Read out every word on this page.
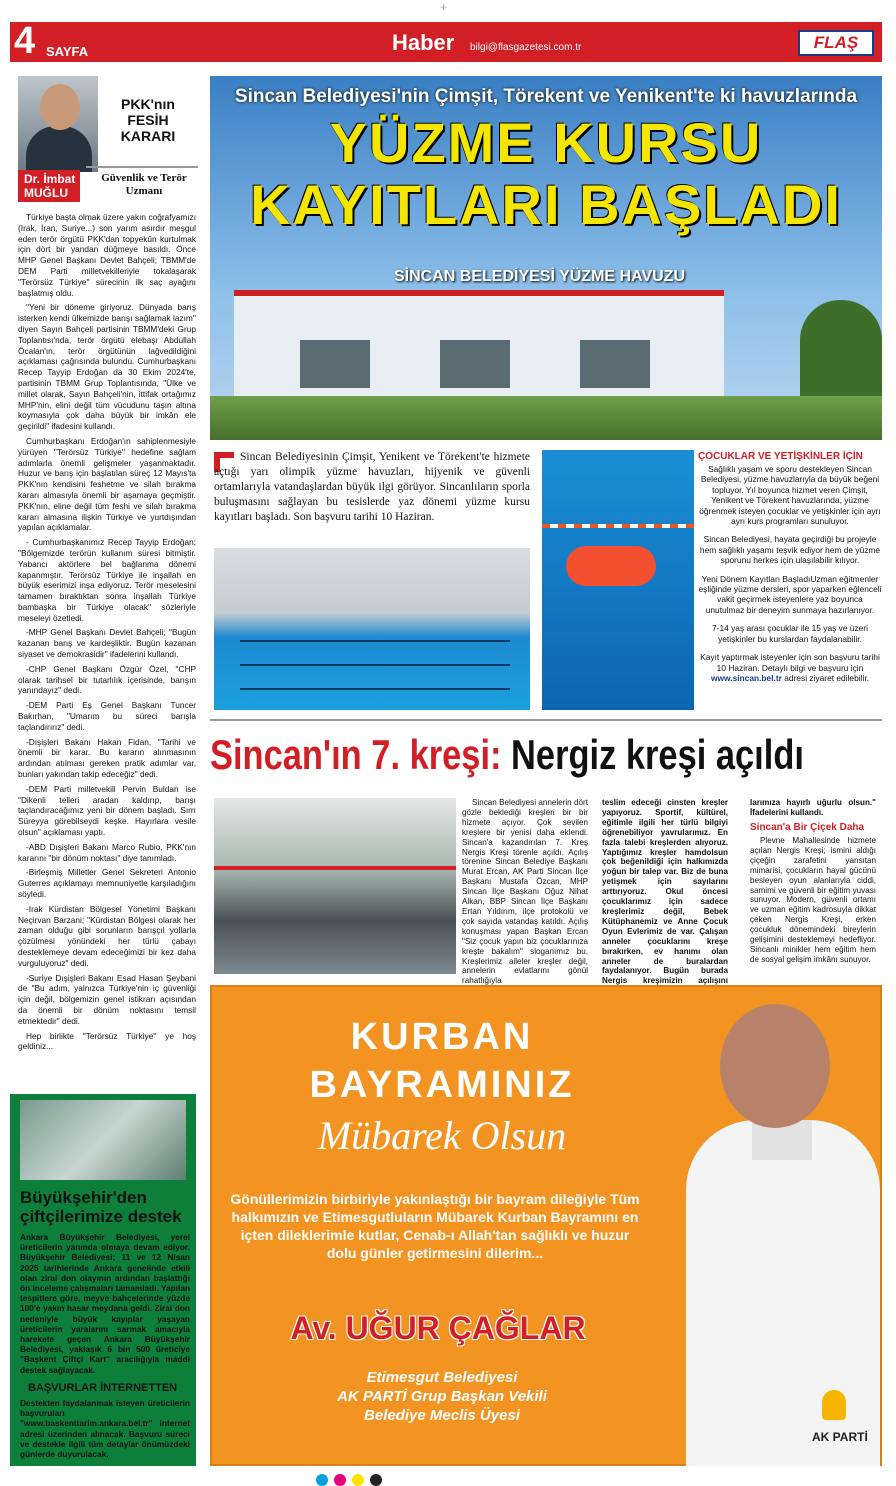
+
4 SAYFA	Haber bilgi@flasgazetesi.com.tr	FLAŞ
PKK'nın FESİH KARARI
Dr. İmbat MUĞLU
Güvenlik ve Terör Uzmanı

Türkiye başta olmak üzere yakın coğrafyamızı (Irak, İran, Suriye...) son yarım asırdır meşgul eden terör örgütü PKK'dan topyekûn kurtulmak için dört bir yandan düğmeye basıldı. Önce MHP Genel Başkanı Devlet Bahçeli; TBMM'de DEM Parti milletvekilleriyle tokalaşarak ''Terörsüz Türkiye'' sürecinin ilk saç ayağını başlatmış oldu.

''Yeni bir döneme giriyoruz. Dünyada barış isterken kendi ülkemizde barışı sağlamak lazım'' diyen Sayın Bahçeli partisinin TBMM'deki Grup Toplantısı'nda, terör örgütü elebaşı Abdullah Öcalan'ın, terör örgütünün lağvedildiğini açıklaması çağrısında bulundu. Cumhurbaşkanı Recep Tayyip Erdoğan da 30 Ekim 2024'te, partisinin TBMM Grup Toplantısında, "Ülke ve millet olarak, Sayın Bahçeli'nin, ittifak ortağımız MHP'nin, elini değil tüm vücudunu taşın altına koymasıyla çok daha büyük bir imkân ele geçirildi" ifadesini kullandı.

Cumhurbaşkanı Erdoğan'ın sahiplenmesiyle yürüyen ''Terörsüz Türkiye'' hedefine sağlam adımlarla önemli gelişmeler yaşanmaktadır. Huzur ve barış için başlatılan süreç 12 Mayıs'ta PKK'nın kendisini feshetme ve silah bırakma kararı almasıyla önemli bir aşamaya geçmiştir. PKK'nın, eline değil tüm feshi ve silah bırakma kararı almasına ilişkin Türkiye ve yurtdışından yapılan açıklamalar.

- Cumhurbaşkanımız Recep Tayyip Erdoğan; "Bölgemizde terörün kullanım süresi bitmiştir. Yabancı aktörlere bel bağlanma dönemi kapanmıştır. Terörsüz Türkiye ile inşallah en büyük eserimizi inşa ediyoruz. Terör meselesini tamamen bıraktıktan sonra inşallah Türkiye bambaşka bir Türkiye olacak" sözleriyle meseleyi özetledi.

-MHP Genel Başkanı Devlet Bahçeli; "Bugün kazanan barış ve kardeşliktir. Bugün kazanan siyaset ve demokrasidir" ifadelerini kullandı.

-CHP Genel Başkanı Özgür Özel, "CHP olarak tarihsel bir tutarlılık içerisinde, barışın yanındayız" dedi.

-DEM Parti Eş Genel Başkanı Tuncer Bakırhan, "Umarım bu süreci barışla taçlandırırız" dedi.

-Dışişleri Bakanı Hakan Fidan, "Tarihi ve önemli bir karar. Bu kararın alınmasının ardından atılması gereken pratik adımlar var, bunları yakından takip edeceğiz" dedi.

-DEM Parti milletvekili Pervin Buldan ise "Dikenli telleri aradan kaldırıp, barışı taçlandıracağımız yeni bir dönem başladı. Sırrı Süreyya görebilseydi keşke. Hayırlara vesile olsun" açıklaması yaptı.

-ABD Dışişleri Bakanı Marco Rubio, PKK'nın kararını "bir dönüm noktası" diye tanımladı.

-Birleşmiş Milletler Genel Sekreteri Antonio Guterres açıklamayı memnuniyetle karşıladığını söyledi.

-Irak Kürdistan Bölgesel Yönetimi Başkanı Neçirvan Barzani; "Kürdistan Bölgesi olarak her zaman olduğu gibi sorunların barışçıl yollarla çözülmesi yönündeki her türlü çabayı desteklemeye devam edeceğimizi bir kez daha vurguluyoruz" dedi.

-Suriye Dışişleri Bakanı Esad Hasan Şeybani de "Bu adım, yalnızca Türkiye'nin iç güvenliği için değil, bölgemizin genel istikrarı açısından da önemli bir dönüm noktasını temsil etmektedir" dedi.

Hep birlikte ''Terörsüz Türkiye'' ye hoş geldiniz...

Büyükşehir'den çiftçilerimize destek
Ankara Büyükşehir Belediyesi, yerel üreticilerin yanında olmaya devam ediyor. Büyükşehir Belediyesi; 11 ve 12 Nisan 2025 tarihlerinde Ankara genelinde etkili olan zirai don olayının ardından başlattığı ön inceleme çalışmaları tamamladı. Yapılan tespitlere göre, meyve bahçelerinde yüzde 100'e yakın hasar meydana geldi. Zirai don nedeniyle büyük kayıplar yaşayan üreticilerin yaralarını sarmak amacıyla harekete geçen Ankara Büyükşehir Belediyesi, yaklaşık 6 bin 500 üreticiye "Başkent Çiftçi Kart" aracılığıyla maddi destek sağlayacak.
BAŞVURLAR İNTERNETTEN
Destekten faydalanmak isteyen üreticilerin başvuruları "www.baskenttarim.ankara.bel.tr" internet adresi üzerinden alınacak. Başvuru süreci ve destekle ilgili tüm detaylar önümüzdeki günlerde duyurulacak.
SİNCAN BELEDİYESİ YÜZME HAVUZU
Sincan Belediyesi'nin Çimşit, Törekent ve Yenikent'te ki havuzlarında
YÜZME KURSU
KAYITLARI BAŞLADI
Sincan Belediyesinin Çimşit, Yenikent ve Törekent'te hizmete açtığı yarı olimpik yüzme havuzları, hijyenik ve güvenli ortamlarıyla vatandaşlardan büyük ilgi görüyor. Sincanlıların sporla buluşmasını sağlayan bu tesislerde yaz dönemi yüzme kursu kayıtları başladı. Son başvuru tarihi 10 Haziran.
ÇOCUKLAR VE YETİŞKİNLER İÇİN

Sağlıklı yaşam ve sporu destekleyen Sincan Belediyesi, yüzme havuzlarıyla da büyük beğeni topluyor. Yıl boyunca hizmet veren Çimşit, Yenikent ve Törekent havuzlarında, yüzme öğrenmek isteyen çocuklar ve yetişkinler için ayrı ayrı kurs programları sunuluyor.

Sincan Belediyesi, hayata geçirdiği bu projeyle hem sağlıklı yaşamı teşvik ediyor hem de yüzme sporunu herkes için ulaşılabilir kılıyor.

Yeni Dönem Kayıtları BaşladıUzman eğitmenler eşliğinde yüzme dersleri, spor yaparken eğlenceli vakit geçirmek isteyenlere yaz boyunca unutulmaz bir deneyim sunmaya hazırlanıyor.

7-14 yaş arası çocuklar ile 15 yaş ve üzeri yetişkinler bu kurslardan faydalanabilir.

Kayıt yaptırmak isteyenler için son başvuru tarihi 10 Haziran. Detaylı bilgi ve başvuru için www.sincan.bel.tr adresi ziyaret edilebilir.

Sincan'ın 7. kreşi: Nergiz kreşi açıldı
Sincan Belediyesi annelerin dört gözle beklediği kreşleri bir bir hizmete açıyor. Çok sevilen kreşlere bir yenisi daha eklendi. Sincan'a kazandırılan 7. Kreş Nergis Kreşi törenle açıldı. Açılış törenine Sincan Belediye Başkanı Murat Ercan, AK Parti Sincan İlçe Başkanı Mustafa Özcan, MHP Sincan İlçe Başkanı Oğuz Nihat Alkan, BBP Sincan İlçe Başkanı Ertan Yıldırım, ilçe protokolü ve çok sayıda vatandaş katıldı. Açılış konuşması yapan Başkan Ercan "Siz çocuk yapın biz çocuklarınıza kreşte bakalım" sloganımız bu. Kreşlerimiz aileler kreşler değil, annelerin evlatlarını gönül rahatlığıyla
teslim edeceği cinsten kreşler yapıyoruz. Sportif, kültürel, eğitimle ilgili her türlü bilgiyi öğrenebiliyor yavrularımız. En fazla talebi kreşlerden alıyoruz. Yaptığımız kreşler hamdolsun çok beğenildiği için halkımızda yoğun bir talep var. Biz de buna yetişmek için sayılarını arttırıyoruz. Okul öncesi çocuklarımız için sadece kreşlerimiz değil, Bebek Kütüphanemiz ve Anne Çocuk Oyun Evlerimiz de var. Çalışan anneler çocuklarını kreşe bırakırken, ev hanımı olan anneler de buralardan faydalanıyor. Bugün burada Nergis kreşimizin açılışını
larımıza hayırlı uğurlu olsun." İfadelerini kullandı.
Sincan'a Bir Çiçek Daha
Plevne Mahallesinde hizmete açılan Nergis Kreşi; ismini aldığı çiçeğin zarafetini yansıtan mimarisi, çocukların hayal gücünü besleyen oyun alanlarıyla ciddi, samimi ve güvenli bir eğitim yuvası sunuyor. Modern, güvenli ortamı ve uzman eğitim kadrosuyla dikkat çeken Nergis Kreşi, erken çocukluk dönemindeki bireylerin gelişimini desteklemeyi hedefliyor. Sincanlı minikler hem eğitim hem de sosyal gelişim imkânı sunuyor.
KURBAN
BAYRAMINIZ
Mübarek Olsun
Gönüllerimizin birbiriyle yakınlaştığı bir bayram dileğiyle Tüm halkımızın ve Etimesgutluların Mübarek Kurban Bayramını en içten dileklerimle kutlar, Cenab-ı Allah'tan sağlıklı ve huzur dolu günler getirmesini dilerim...
Av. UĞUR ÇAĞLAR
Etimesgut Belediyesi
AK PARTİ Grup Başkan Vekili
Belediye Meclis Üyesi
AK PARTİ
